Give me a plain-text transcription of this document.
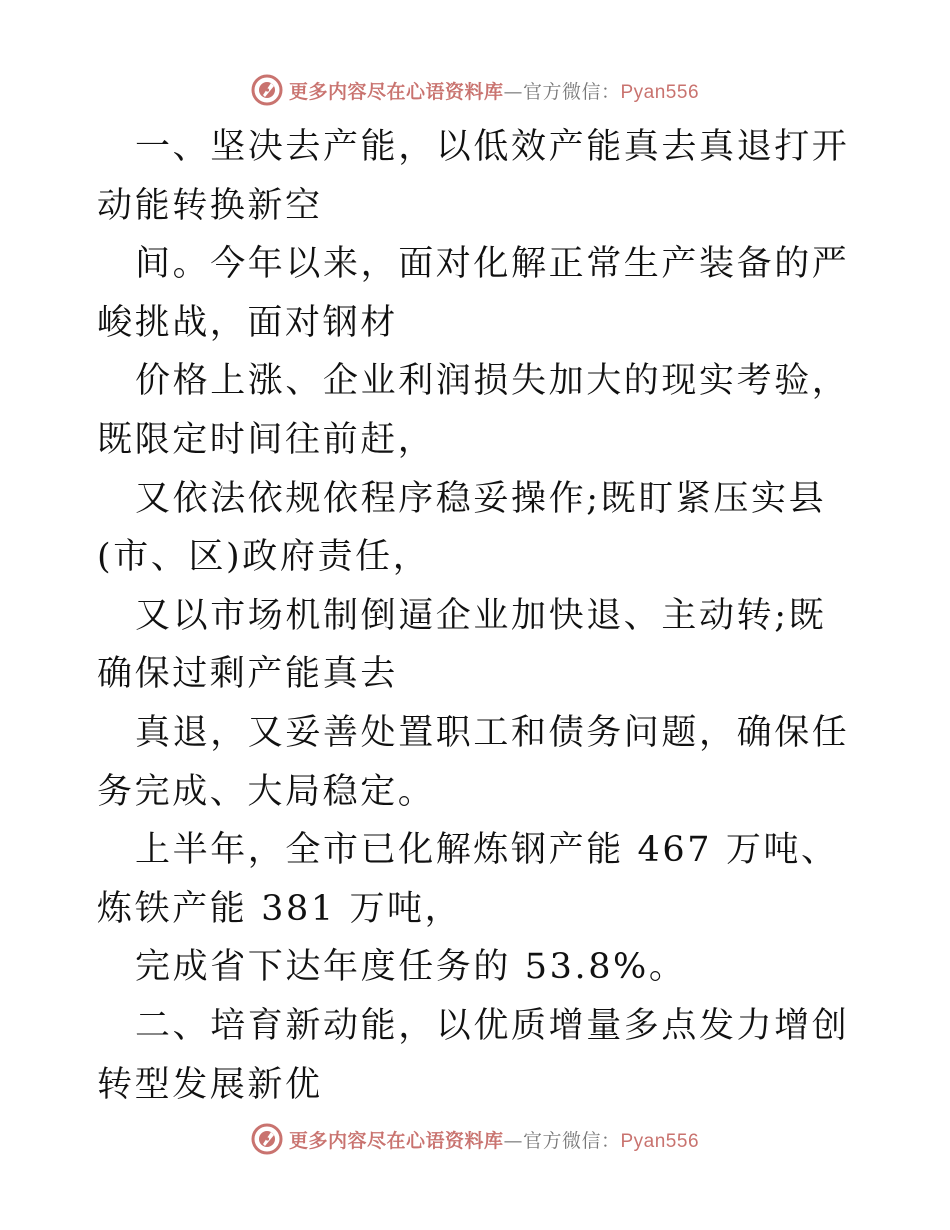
更多内容尽在心语资料库 — 官方微信： Pyan556

一、坚决去产能，以低效产能真去真退打开动能转换新空

间。今年以来，面对化解正常生产装备的严峻挑战，面对钢材

价格上涨、企业利润损失加大的现实考验，既限定时间往前赶，

又依法依规依程序稳妥操作;既盯紧压实县(市、区)政府责任，

又以市场机制倒逼企业加快退、主动转;既确保过剩产能真去

真退，又妥善处置职工和债务问题，确保任务完成、大局稳定。

上半年，全市已化解炼钢产能 467 万吨、炼铁产能 381 万吨，

完成省下达年度任务的 53.8%。

二、培育新动能，以优质增量多点发力增创转型发展新优

更多内容尽在心语资料库 — 官方微信： Pyan556
